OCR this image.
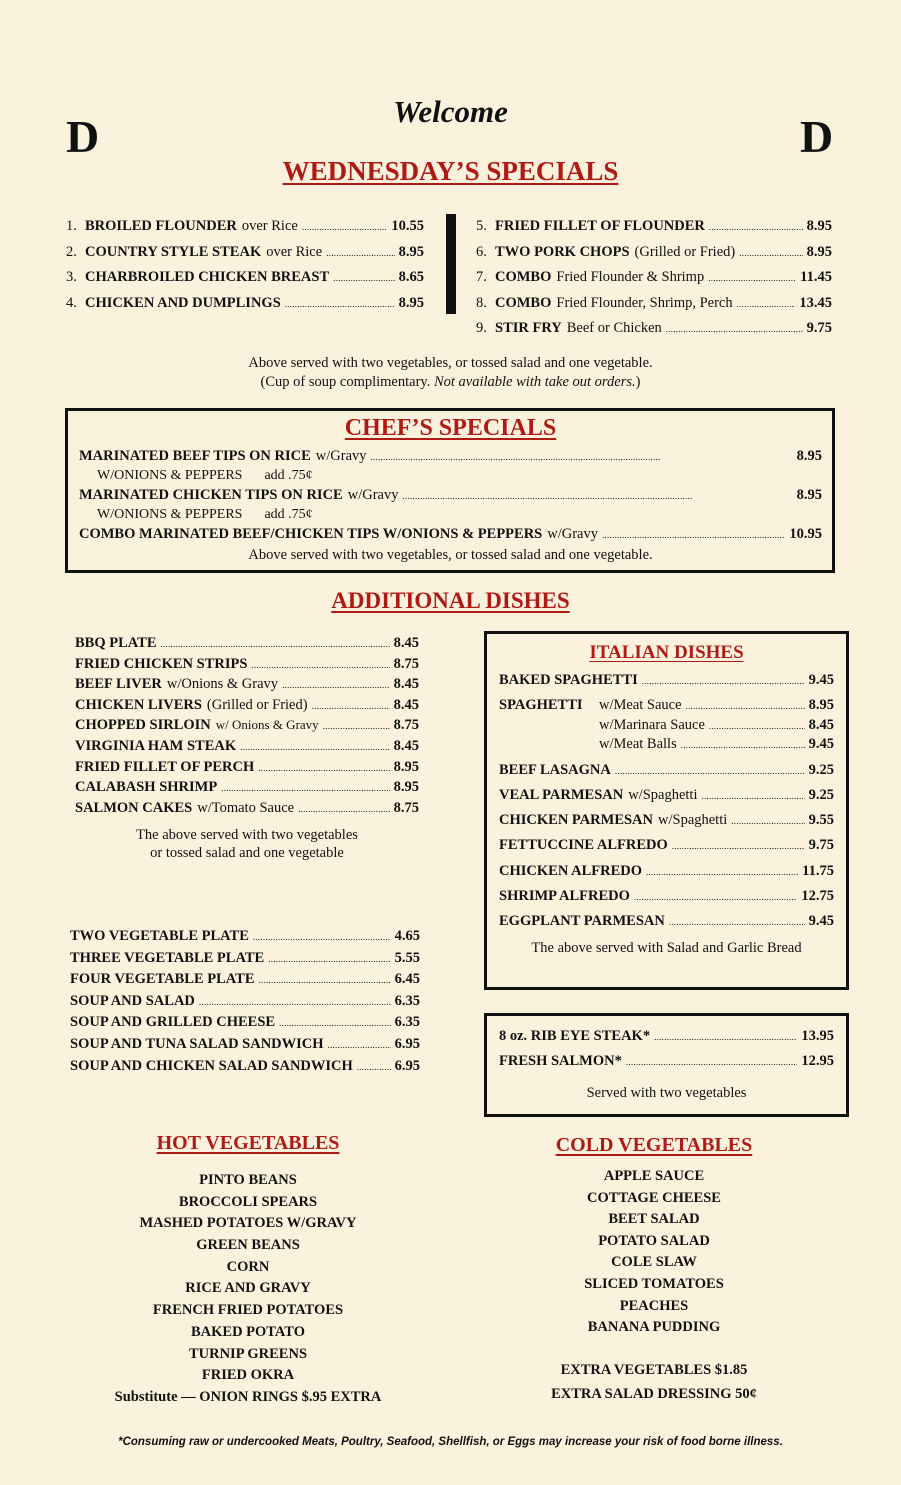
D	D
Welcome
WEDNESDAY’S SPECIALS
1. BROILED FLOUNDER over Rice . . .	10.55
2. COUNTRY STYLE STEAK over Rice . . .	8.95
3. CHARBROILED CHICKEN BREAST . . .	8.65
4. CHICKEN AND DUMPLINGS . . .	8.95
5. FRIED FILLET OF FLOUNDER . . .	8.95
6. TWO PORK CHOPS (Grilled or Fried) . . .	8.95
7. COMBO Fried Flounder & Shrimp . . .	11.45
8. COMBO Fried Flounder, Shrimp, Perch . . .	13.45
9. STIR FRY Beef or Chicken . . .	9.75
Above served with two vegetables, or tossed salad and one vegetable.
(Cup of soup complimentary. Not available with take out orders.)
CHEF’S SPECIALS
MARINATED BEEF TIPS ON RICE w/Gravy . . .	8.95
W/ONIONS & PEPPERS add .75¢
MARINATED CHICKEN TIPS ON RICE w/Gravy . . .	8.95
W/ONIONS & PEPPERS add .75¢
COMBO MARINATED BEEF/CHICKEN TIPS W/ONIONS & PEPPERS w/Gravy . . .	10.95
Above served with two vegetables, or tossed salad and one vegetable.
ADDITIONAL DISHES
BBQ PLATE . . .	8.45
FRIED CHICKEN STRIPS . . .	8.75
BEEF LIVER w/Onions & Gravy . . .	8.45
CHICKEN LIVERS (Grilled or Fried) . . .	8.45
CHOPPED SIRLOIN w/ Onions & Gravy . . .	8.75
VIRGINIA HAM STEAK . . .	8.45
FRIED FILLET OF PERCH . . .	8.95
CALABASH SHRIMP . . .	8.95
SALMON CAKES w/Tomato Sauce . . .	8.75
The above served with two vegetables
or tossed salad and one vegetable
TWO VEGETABLE PLATE . . .	4.65
THREE VEGETABLE PLATE . . .	5.55
FOUR VEGETABLE PLATE . . .	6.45
SOUP AND SALAD . . .	6.35
SOUP AND GRILLED CHEESE . . .	6.35
SOUP AND TUNA SALAD SANDWICH . . .	6.95
SOUP AND CHICKEN SALAD SANDWICH . . .	6.95
ITALIAN DISHES
BAKED SPAGHETTI . . .	9.45
SPAGHETTI	w/Meat Sauce . . .	8.95
w/Marinara Sauce . . .	8.45
w/Meat Balls . . .	9.45
BEEF LASAGNA . . .	9.25
VEAL PARMESAN w/Spaghetti . . .	9.25
CHICKEN PARMESAN w/Spaghetti . . .	9.55
FETTUCCINE ALFREDO . . .	9.75
CHICKEN ALFREDO . . .	11.75
SHRIMP ALFREDO . . .	12.75
EGGPLANT PARMESAN . . .	9.45
The above served with Salad and Garlic Bread
8 oz. RIB EYE STEAK* . . .	13.95
FRESH SALMON* . . .	12.95
Served with two vegetables
HOT VEGETABLES
PINTO BEANS
BROCCOLI SPEARS
MASHED POTATOES W/GRAVY
GREEN BEANS
CORN
RICE AND GRAVY
FRENCH FRIED POTATOES
BAKED POTATO
TURNIP GREENS
FRIED OKRA
Substitute — ONION RINGS $.95 EXTRA
COLD VEGETABLES
APPLE SAUCE
COTTAGE CHEESE
BEET SALAD
POTATO SALAD
COLE SLAW
SLICED TOMATOES
PEACHES
BANANA PUDDING
EXTRA VEGETABLES $1.85
EXTRA SALAD DRESSING 50¢
*Consuming raw or undercooked Meats, Poultry, Seafood, Shellfish, or Eggs may increase your risk of food borne illness.
